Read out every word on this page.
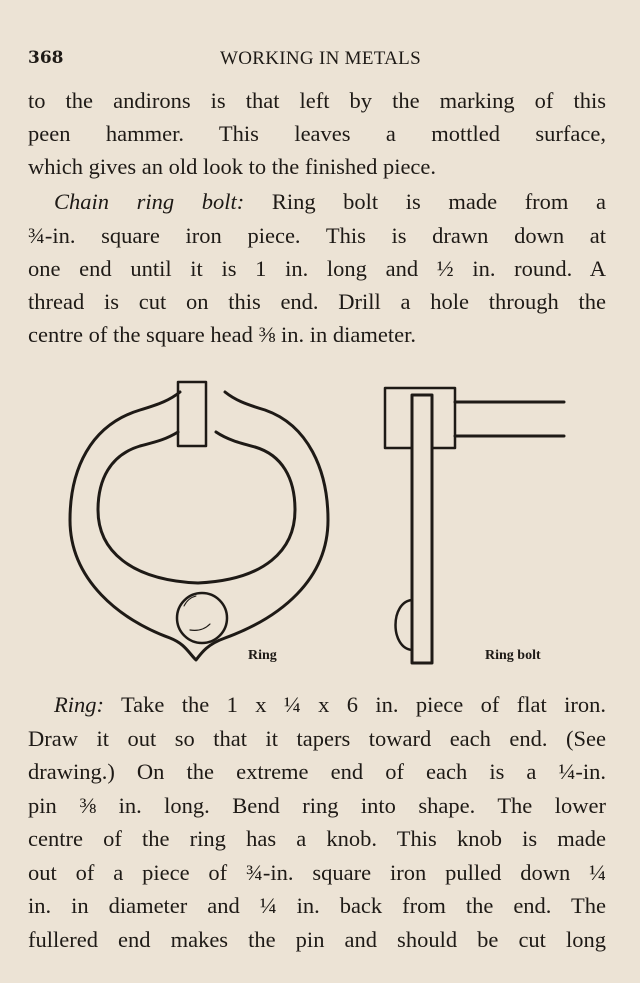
368	WORKING IN METALS
to the andirons is that left by the marking of this
peen hammer. This leaves a mottled surface,
which gives an old look to the finished piece.
Chain ring bolt: Ring bolt is made from a
¾-in. square iron piece. This is drawn down at
one end until it is 1 in. long and ½ in. round. A
thread is cut on this end. Drill a hole through the
centre of the square head ⅜ in. in diameter.
Ring	Ring bolt
Ring: Take the 1 x ¼ x 6 in. piece of flat iron.
Draw it out so that it tapers toward each end. (See
drawing.) On the extreme end of each is a ¼-in.
pin ⅜ in. long. Bend ring into shape. The lower
centre of the ring has a knob. This knob is made
out of a piece of ¾-in. square iron pulled down ¼
in. in diameter and ¼ in. back from the end. The
fullered end makes the pin and should be cut long
